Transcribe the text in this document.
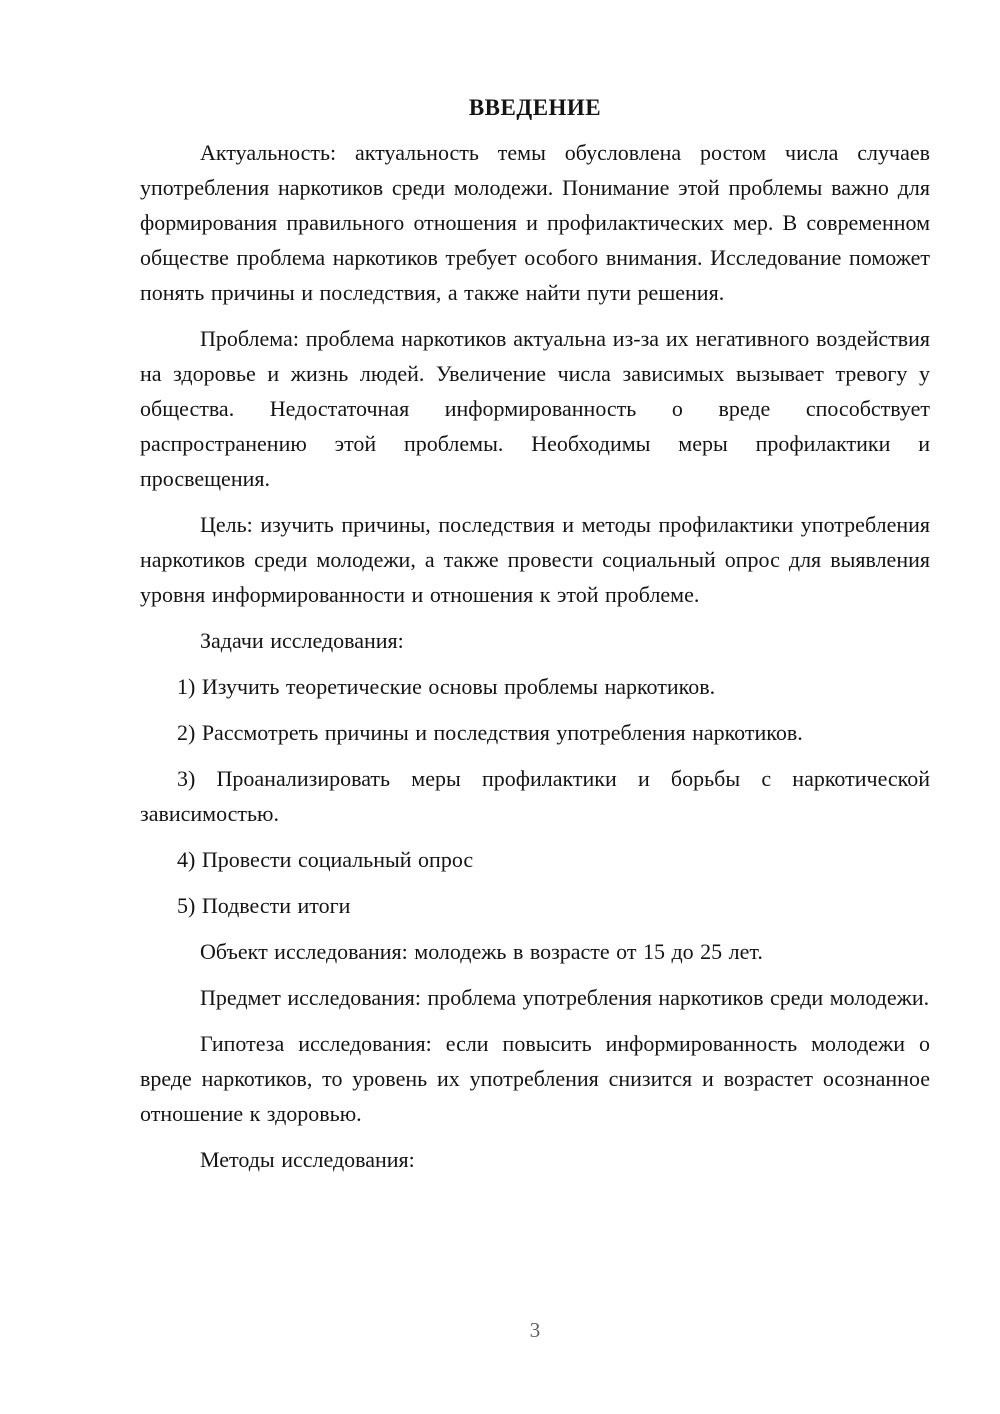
ВВЕДЕНИЕ

Актуальность: актуальность темы обусловлена ростом числа случаев употребления наркотиков среди молодежи. Понимание этой проблемы важно для формирования правильного отношения и профилактических мер. В современном обществе проблема наркотиков требует особого внимания. Исследование поможет понять причины и последствия, а также найти пути решения.

Проблема: проблема наркотиков актуальна из-за их негативного воздействия на здоровье и жизнь людей. Увеличение числа зависимых вызывает тревогу у общества. Недостаточная информированность о вреде способствует распространению этой проблемы. Необходимы меры профилактики и просвещения.

Цель: изучить причины, последствия и методы профилактики употребления наркотиков среди молодежи, а также провести социальный опрос для выявления уровня информированности и отношения к этой проблеме.

Задачи исследования:

1) Изучить теоретические основы проблемы наркотиков.

2) Рассмотреть причины и последствия употребления наркотиков.

3) Проанализировать меры профилактики и борьбы с наркотической зависимостью.

4) Провести социальный опрос

5) Подвести итоги

Объект исследования: молодежь в возрасте от 15 до 25 лет.

Предмет исследования: проблема употребления наркотиков среди молодежи.

Гипотеза исследования: если повысить информированность молодежи о вреде наркотиков, то уровень их употребления снизится и возрастет осознанное отношение к здоровью.

Методы исследования:

3
